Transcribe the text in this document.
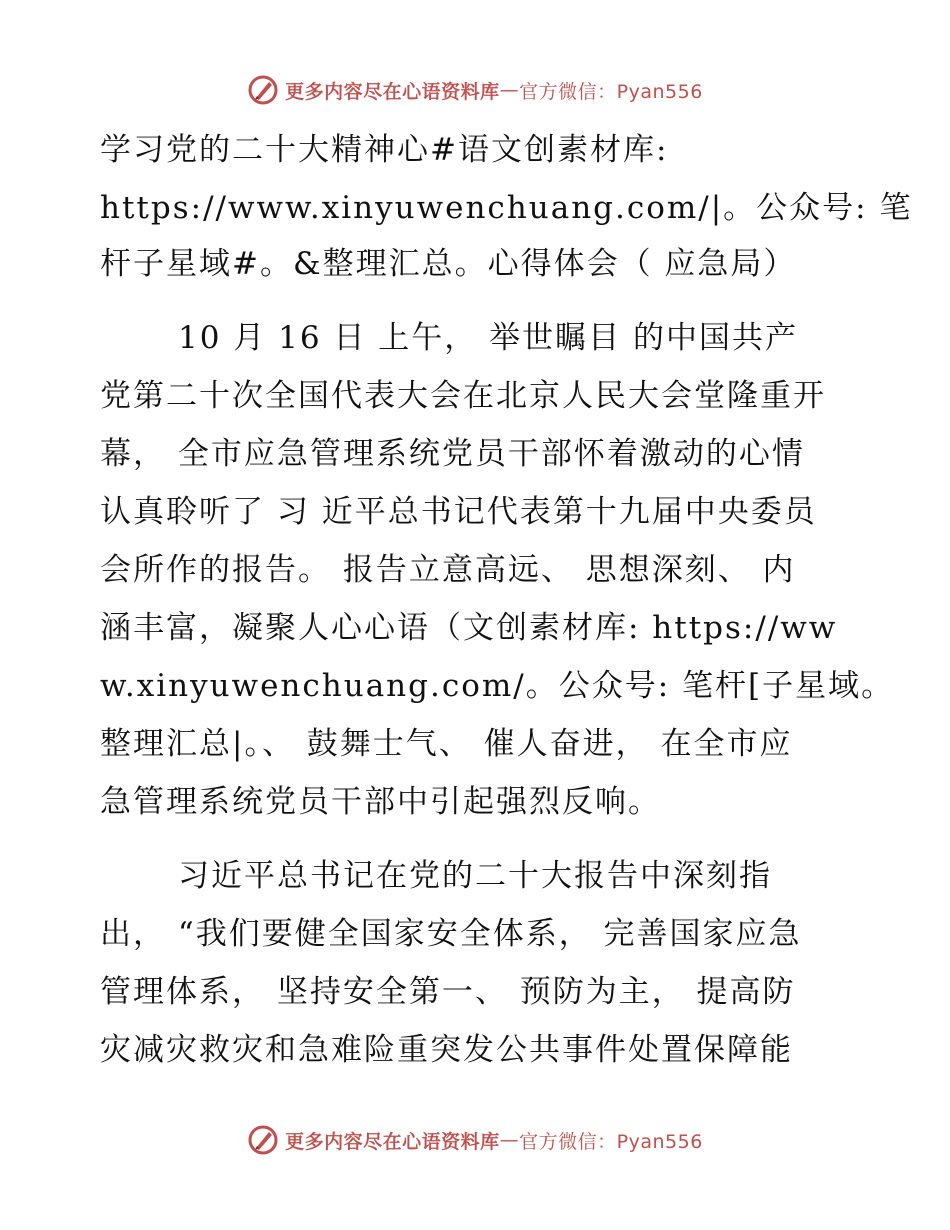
更多内容尽在心语资料库 — 官方微信：Pyan556
学习党的二十大精神心#语文创素材库:
https://www.xinyuwenchuang.com/|。公众号: 笔
杆子星域#。&整理汇总。心得体会（ 应急局）
10 月 16 日 上午， 举世瞩目 的中国共产
党第二十次全国代表大会在北京人民大会堂隆重开
幕， 全市应急管理系统党员干部怀着激动的心情
认真聆听了 习 近平总书记代表第十九届中央委员
会所作的报告。 报告立意高远、 思想深刻、 内
涵丰富，凝聚人心心语（文创素材库: https://ww
w.xinyuwenchuang.com/。公众号: 笔杆[子星域。
整理汇总|。、 鼓舞士气、 催人奋进， 在全市应
急管理系统党员干部中引起强烈反响。
习近平总书记在党的二十大报告中深刻指
出， “我们要健全国家安全体系， 完善国家应急
管理体系， 坚持安全第一、 预防为主， 提高防
灾减灾救灾和急难险重突发公共事件处置保障能
更多内容尽在心语资料库 — 官方微信：Pyan556
